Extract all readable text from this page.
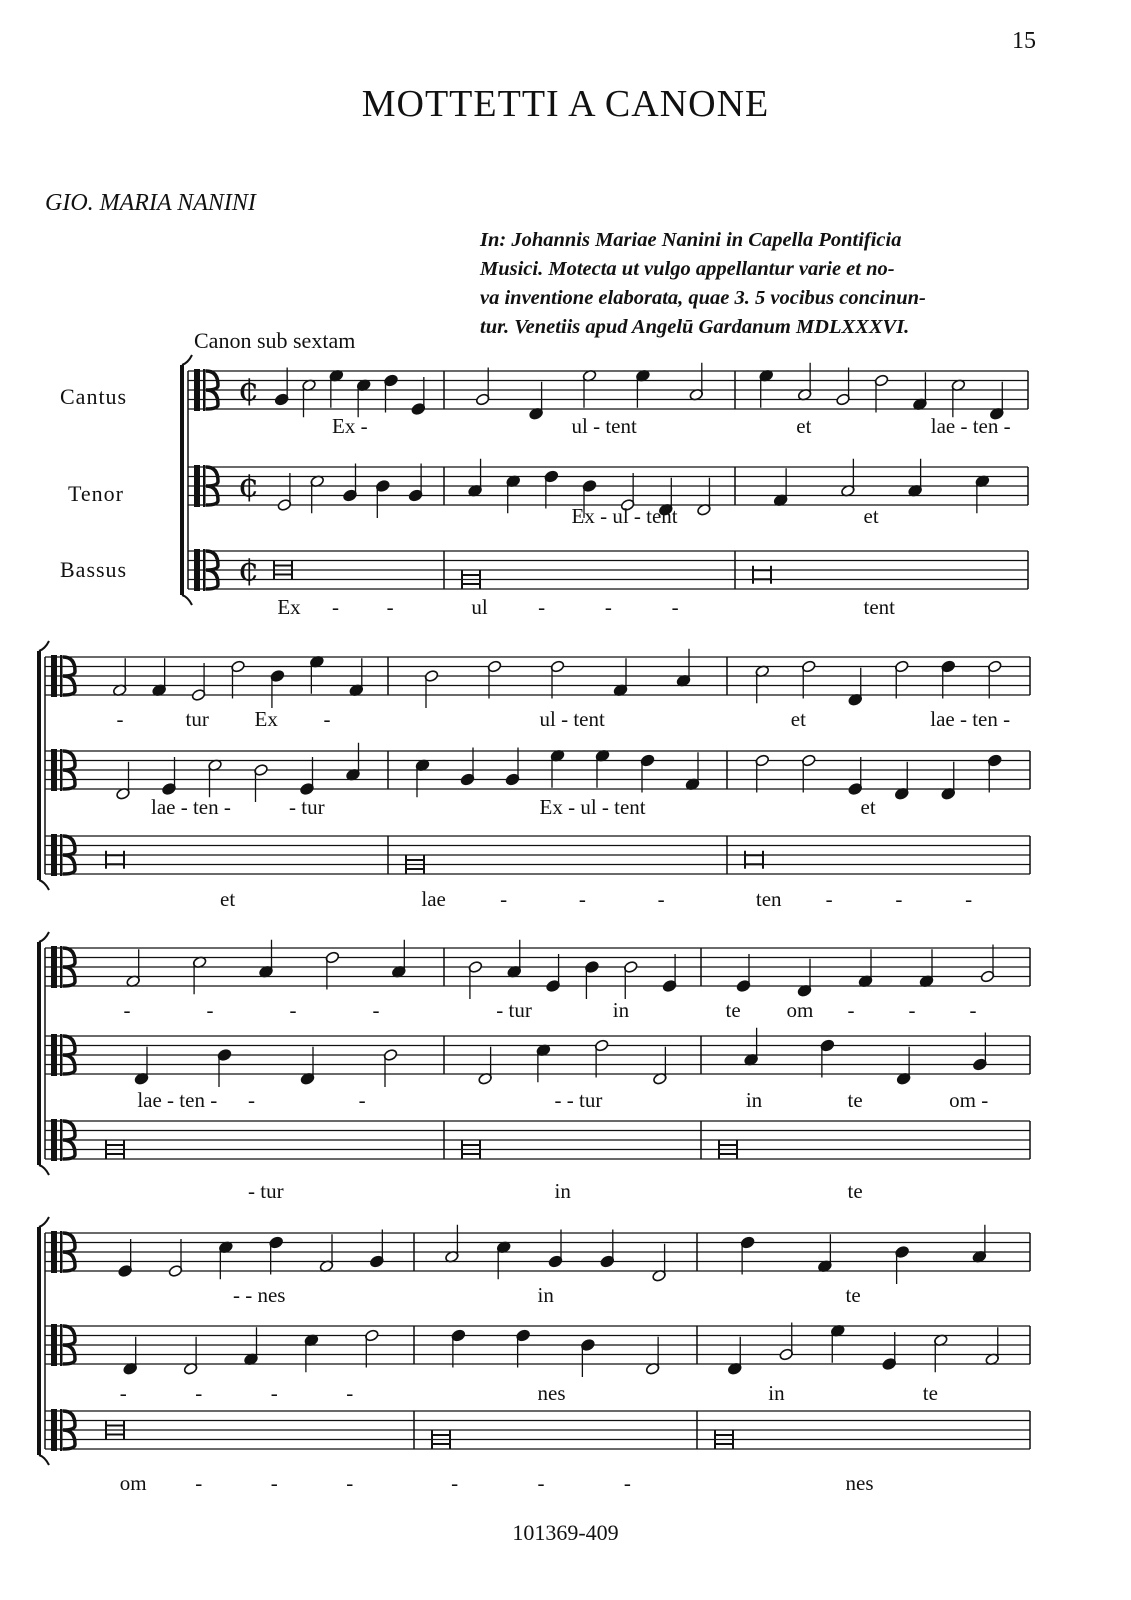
15
MOTTETTI A CANONE
GIO. MARIA NANINI
In: Johannis Mariae Nanini in Capella Pontificia
Musici. Motecta ut vulgo appellantur varie et no-
va inventione elaborata, quae 3. 5 vocibus concinun-
tur. Venetiis apud Angelū Gardanum MDLXXXVI.
Canon sub sextam
Cantus
Tenor
Bassus
¢
Ex -	ul - tent	et	lae - ten -
¢
Ex - ul - tent	et
¢
Ex - -	ul -	-	-	tent
-	tur Ex -	ul - tent	et	lae - ten -
lae - ten -	- tur	Ex - ul - tent	et
et	lae	-	-	-	ten -	-	-
-	-	-	-	- tur	in	te om -	-	-
lae - ten - -	-	- - tur	in	te	om -
- tur	in	te
- - nes	in	te
-	-	-	-	nes	in	te
om -	-	-	-	-	-	nes
101369-409
